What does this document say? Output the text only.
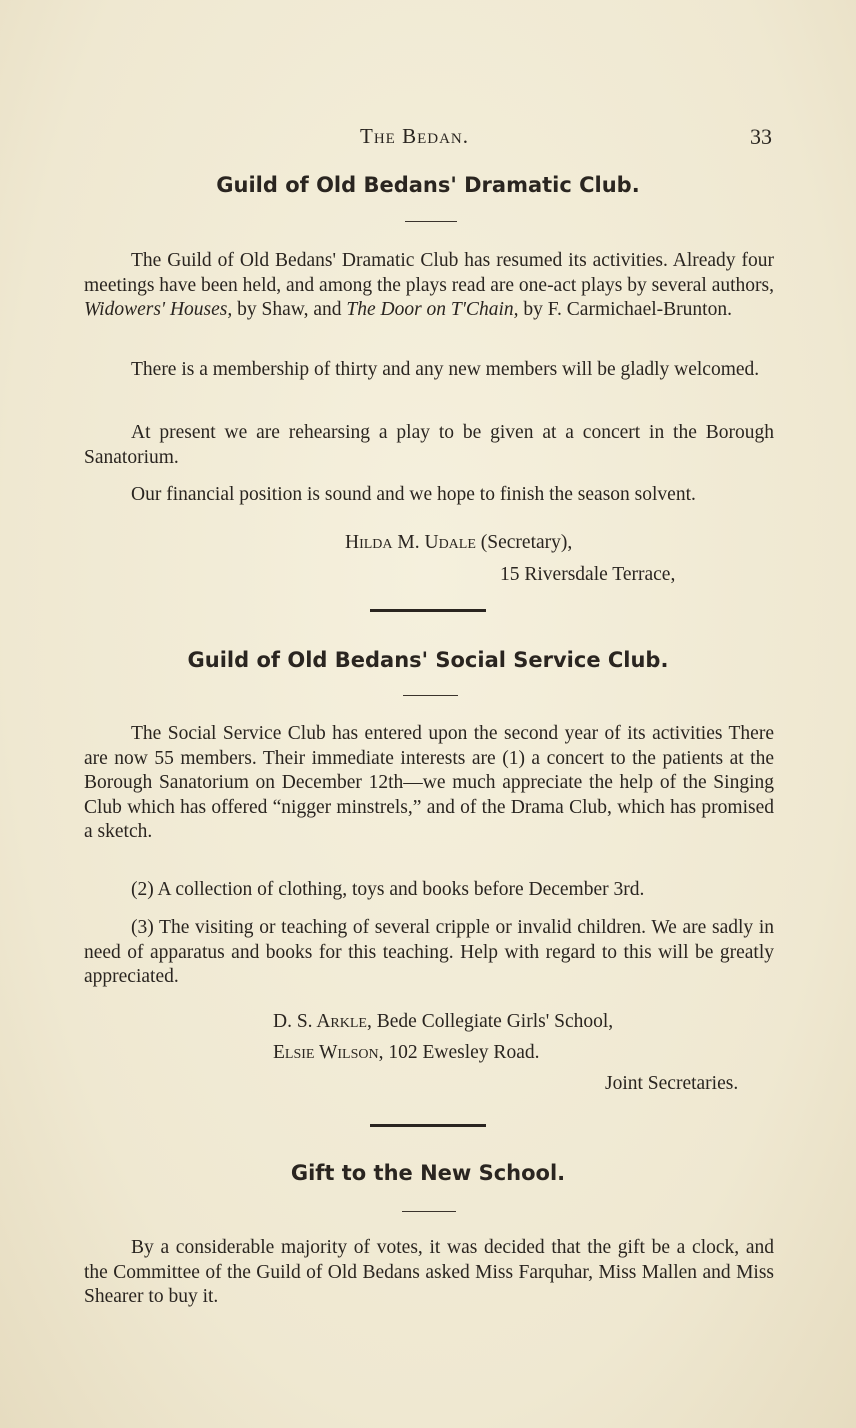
The Bedan.	33
Guild of Old Bedans' Dramatic Club.

The Guild of Old Bedans' Dramatic Club has resumed its activities. Already four meetings have been held, and among the plays read are one-act plays by several authors, Widowers' Houses, by Shaw, and The Door on T'Chain, by F. Carmichael-Brunton.

There is a membership of thirty and any new members will be gladly welcomed.

At present we are rehearsing a play to be given at a concert in the Borough Sanatorium.

Our financial position is sound and we hope to finish the season solvent.

Hilda M. Udale (Secretary),
15 Riversdale Terrace,
Guild of Old Bedans' Social Service Club.

The Social Service Club has entered upon the second year of its activities There are now 55 members. Their immediate interests are (1) a concert to the patients at the Borough Sanatorium on December 12th—we much appreciate the help of the Singing Club which has offered “nigger minstrels,” and of the Drama Club, which has promised a sketch.

(2) A collection of clothing, toys and books before December 3rd.

(3) The visiting or teaching of several cripple or invalid children. We are sadly in need of apparatus and books for this teaching. Help with regard to this will be greatly appreciated.

D. S. Arkle, Bede Collegiate Girls' School,
Elsie Wilson, 102 Ewesley Road.
Joint Secretaries.
Gift to the New School.

By a considerable majority of votes, it was decided that the gift be a clock, and the Committee of the Guild of Old Bedans asked Miss Farquhar, Miss Mallen and Miss Shearer to buy it.
